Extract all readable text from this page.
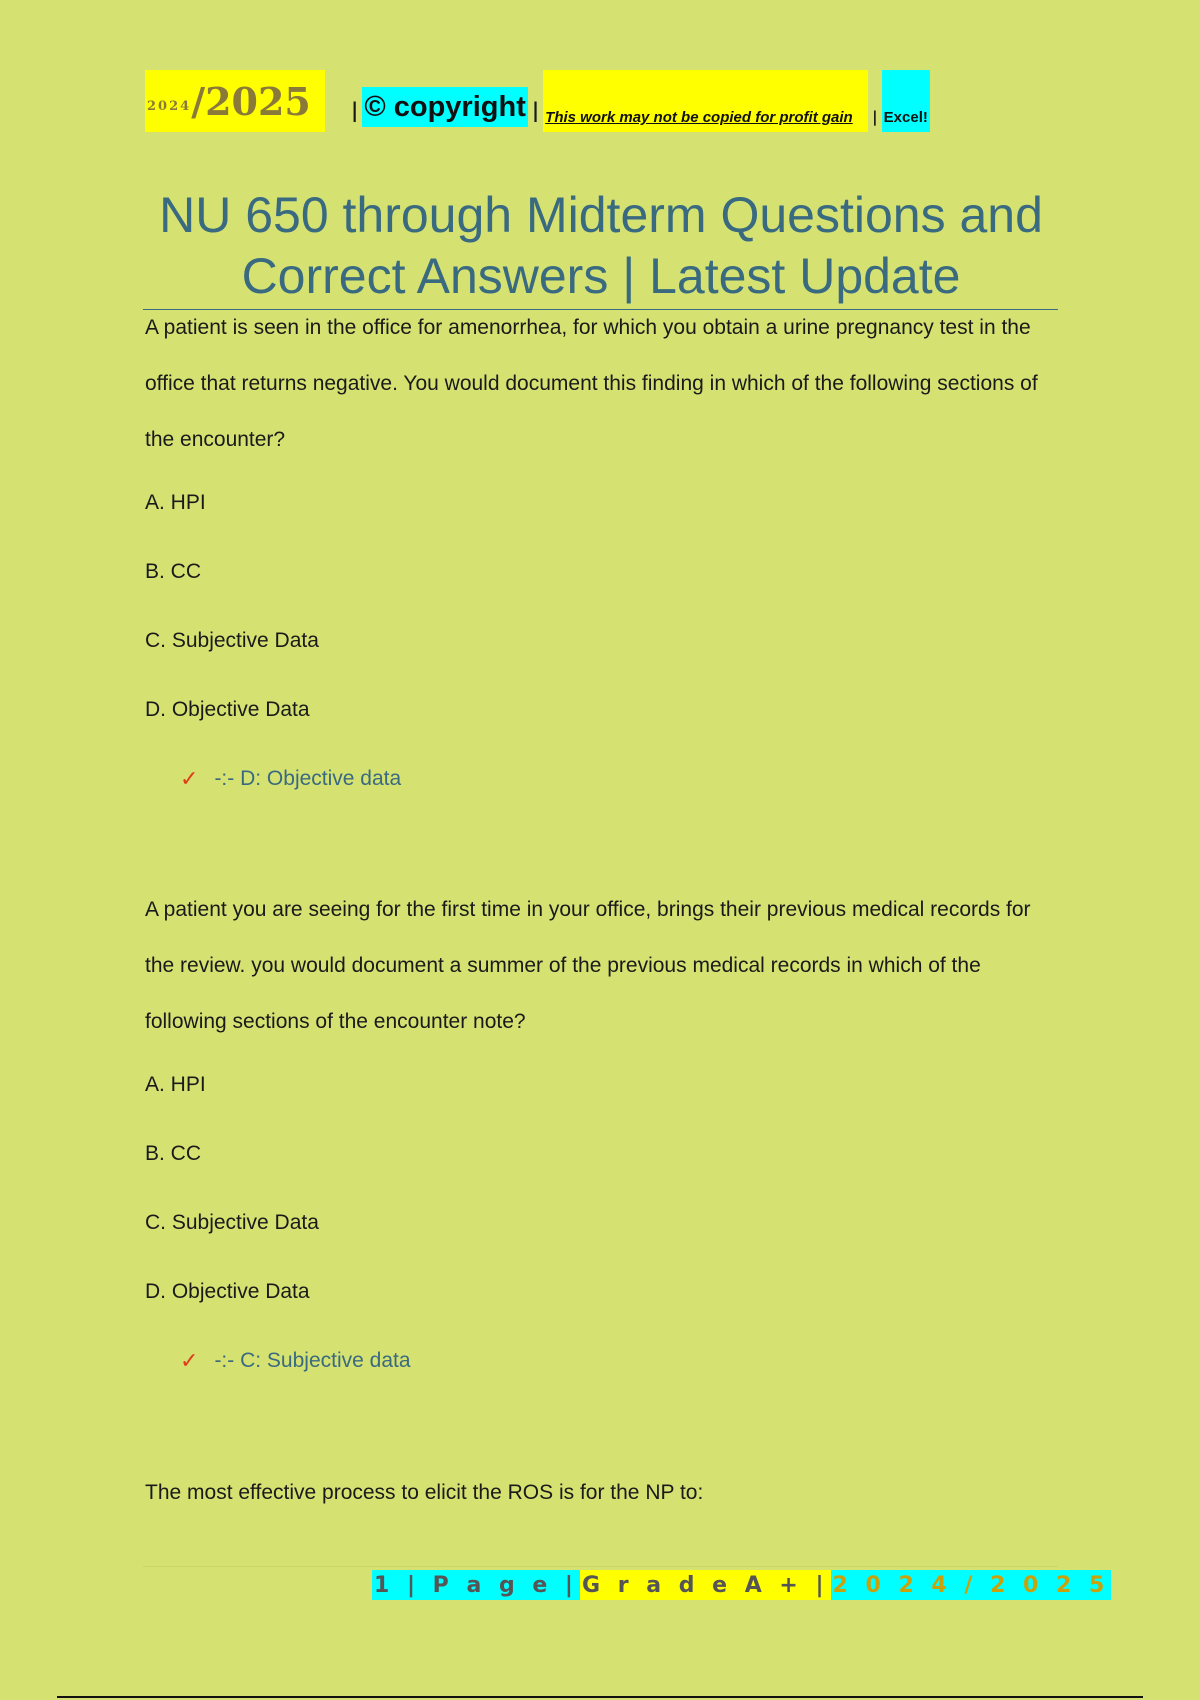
2024 /2025 | © copyright | This work may not be copied for profit gain | Excel!
NU 650 through Midterm Questions and
Correct Answers | Latest Update

A patient is seen in the office for amenorrhea, for which you obtain a urine pregnancy test in the office that returns negative. You would document this finding in which of the following sections of the encounter?

A. HPI

B. CC

C. Subjective Data

D. Objective Data

✓ -:- D: Objective data

A patient you are seeing for the first time in your office, brings their previous medical records for the review. you would document a summer of the previous medical records in which of the following sections of the encounter note?

A. HPI

B. CC

C. Subjective Data

D. Objective Data

✓ -:- C: Subjective data

The most effective process to elicit the ROS is for the NP to:

1 | P a g e | G r a d e A + | 2 0 2 4 / 2 0 2 5
